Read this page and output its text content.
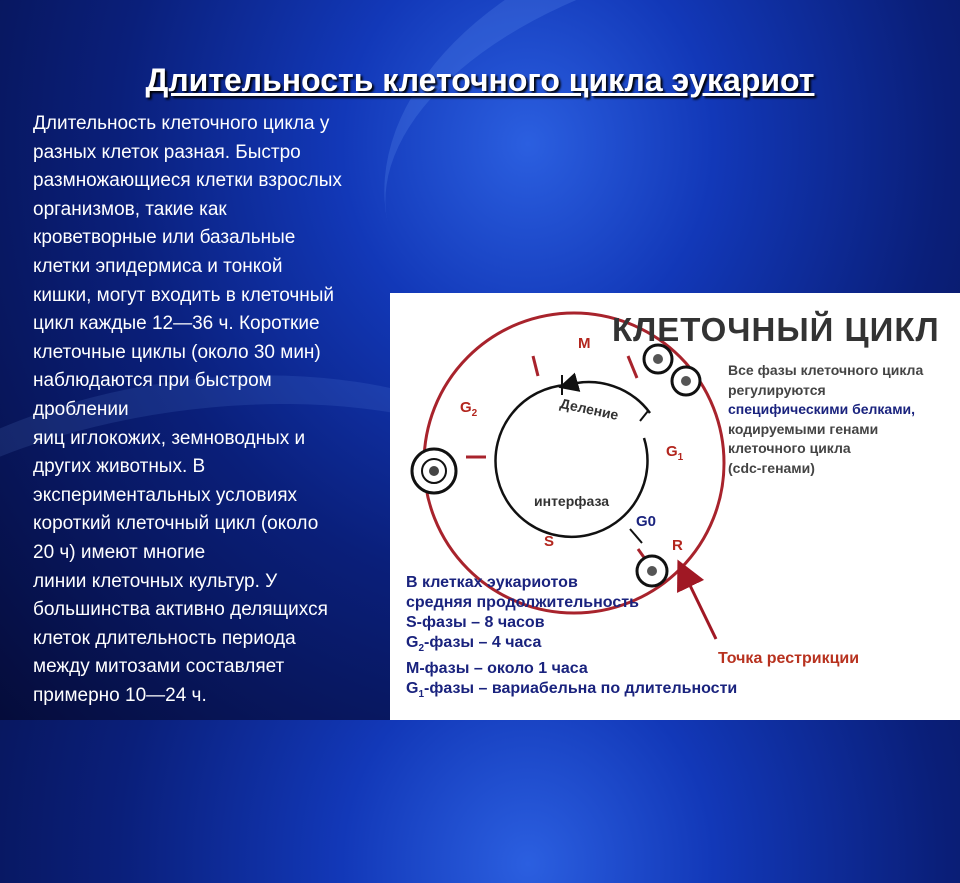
Длительность клеточного цикла эукариот
Длительность клеточного цикла у
разных клеток разная. Быстро
размножающиеся клетки взрослых
организмов, такие как
кроветворные или базальные
клетки эпидермиса и тонкой
кишки, могут входить в клеточный
цикл каждые 12—36 ч. Короткие
клеточные циклы (около 30 мин)
наблюдаются при быстром
дроблении
яиц иглокожих, земноводных и
других животных. В
экспериментальных условиях
короткий клеточный цикл (около
20 ч) имеют многие
линии клеточных культур. У
большинства активно делящихся
клеток длительность периода
между митозами составляет
примерно 10—24 ч.
КЛЕТОЧНЫЙ ЦИКЛ
Все фазы клеточного цикла
регулируются
специфическими белками,
кодируемыми генами
клеточного цикла
(cdc-генами)
M
$G_2$
$G_1$
S
G0
R
Деление
интерфаза
В клетках эукариотов
средняя продолжительность
S-фазы – 8 часов
$G_2$-фазы – 4 часа
М-фазы – около 1 часа
$G_1$-фазы – вариабельна по длительности
Точка рестрикции
